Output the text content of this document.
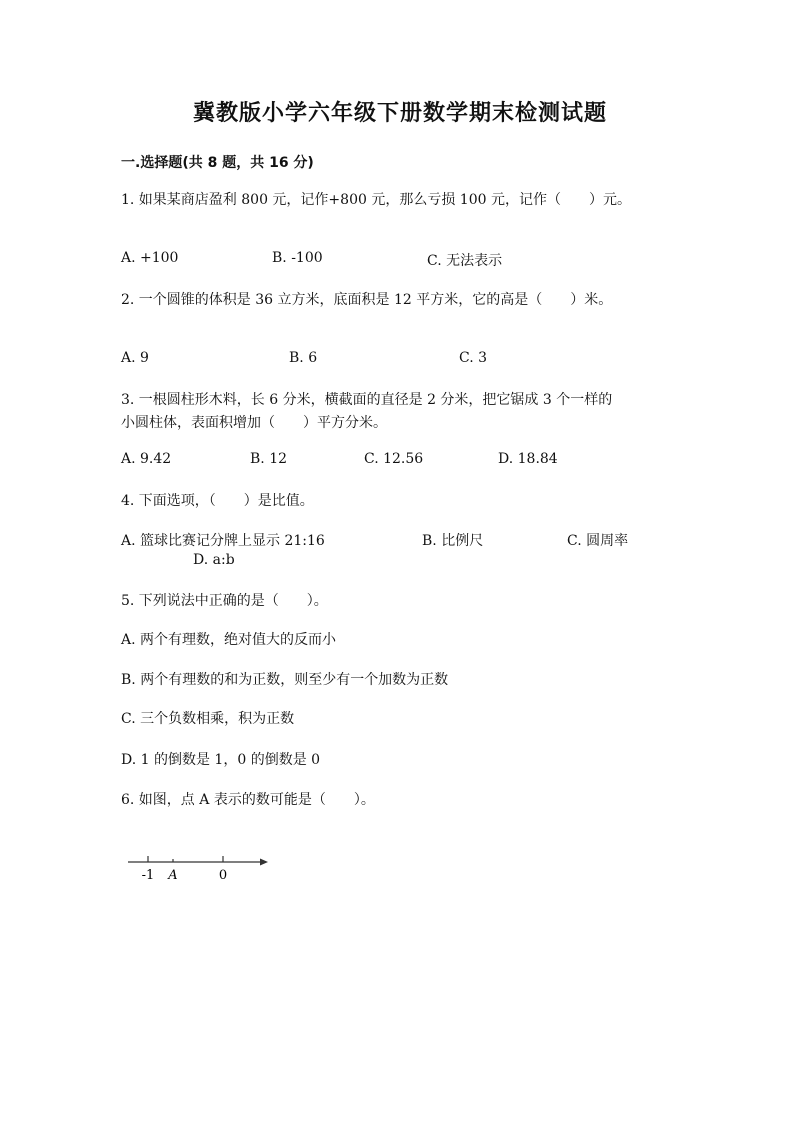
冀教版小学六年级下册数学期末检测试题
一.选择题(共 8 题，共 16 分)
1. 如果某商店盈利 800 元，记作+800 元，那么亏损 100 元，记作（　　）元。
A. +100	B. -100	C. 无法表示
2. 一个圆锥的体积是 36 立方米，底面积是 12 平方米，它的高是（　　）米。
A. 9	B. 6	C. 3
3. 一根圆柱形木料，长 6 分米，横截面的直径是 2 分米，把它锯成 3 个一样的
小圆柱体，表面积增加（　　）平方分米。
A. 9.42	B. 12	C. 12.56	D. 18.84
4. 下面选项，（　　）是比值。
A. 篮球比赛记分牌上显示 21:16	B. 比例尺	C. 圆周率
D. a:b
5. 下列说法中正确的是（　　）。
A. 两个有理数，绝对值大的反而小
B. 两个有理数的和为正数，则至少有一个加数为正数
C. 三个负数相乘，积为正数
D. 1 的倒数是 1，0 的倒数是 0
6. 如图，点 A 表示的数可能是（　　）。
-1 A	0
